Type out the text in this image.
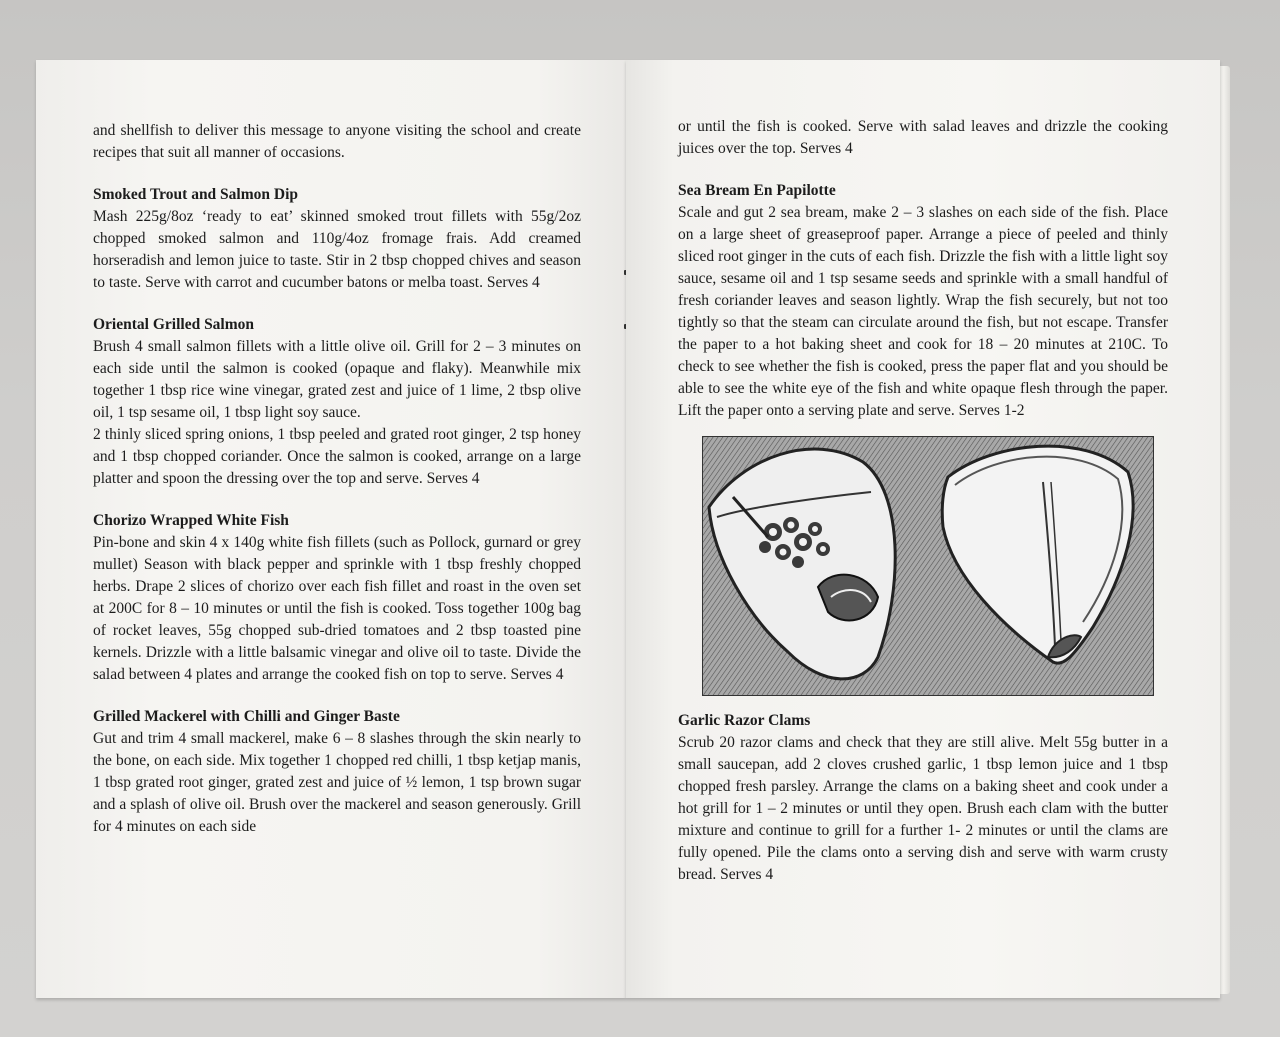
and shellfish to deliver this message to anyone visiting the school and create recipes that suit all manner of occasions.

Smoked Trout and Salmon Dip

Mash 225g/8oz ‘ready to eat’ skinned smoked trout fillets with 55g/2oz chopped smoked salmon and 110g/4oz fromage frais. Add creamed horseradish and lemon juice to taste. Stir in 2 tbsp chopped chives and season to taste. Serve with carrot and cucumber batons or melba toast. Serves 4

Oriental Grilled Salmon

Brush 4 small salmon fillets with a little olive oil. Grill for 2 – 3 minutes on each side until the salmon is cooked (opaque and flaky). Meanwhile mix together 1 tbsp rice wine vinegar, grated zest and juice of 1 lime, 2 tbsp olive oil, 1 tsp sesame oil, 1 tbsp light soy sauce.

2 thinly sliced spring onions, 1 tbsp peeled and grated root ginger, 2 tsp honey and 1 tbsp chopped coriander. Once the salmon is cooked, arrange on a large platter and spoon the dressing over the top and serve. Serves 4

Chorizo Wrapped White Fish

Pin-bone and skin 4 x 140g white fish fillets (such as Pollock, gurnard or grey mullet) Season with black pepper and sprinkle with 1 tbsp freshly chopped herbs. Drape 2 slices of chorizo over each fish fillet and roast in the oven set at 200C for 8 – 10 minutes or until the fish is cooked. Toss together 100g bag of rocket leaves, 55g chopped sub-dried tomatoes and 2 tbsp toasted pine kernels. Drizzle with a little balsamic vinegar and olive oil to taste. Divide the salad between 4 plates and arrange the cooked fish on top to serve. Serves 4

Grilled Mackerel with Chilli and Ginger Baste

Gut and trim 4 small mackerel, make 6 – 8 slashes through the skin nearly to the bone, on each side. Mix together 1 chopped red chilli, 1 tbsp ketjap manis, 1 tbsp grated root ginger, grated zest and juice of ½ lemon, 1 tsp brown sugar and a splash of olive oil. Brush over the mackerel and season generously. Grill for 4 minutes on each side

or until the fish is cooked. Serve with salad leaves and drizzle the cooking juices over the top. Serves 4

Sea Bream En Papilotte

Scale and gut 2 sea bream, make 2 – 3 slashes on each side of the fish. Place on a large sheet of greaseproof paper. Arrange a piece of peeled and thinly sliced root ginger in the cuts of each fish. Drizzle the fish with a little light soy sauce, sesame oil and 1 tsp sesame seeds and sprinkle with a small handful of fresh coriander leaves and season lightly. Wrap the fish securely, but not too tightly so that the steam can circulate around the fish, but not escape. Transfer the paper to a hot baking sheet and cook for 18 – 20 minutes at 210C. To check to see whether the fish is cooked, press the paper flat and you should be able to see the white eye of the fish and white opaque flesh through the paper. Lift the paper onto a serving plate and serve. Serves 1-2

Garlic Razor Clams

Scrub 20 razor clams and check that they are still alive. Melt 55g butter in a small saucepan, add 2 cloves crushed garlic, 1 tbsp lemon juice and 1 tbsp chopped fresh parsley. Arrange the clams on a baking sheet and cook under a hot grill for 1 – 2 minutes or until they open. Brush each clam with the butter mixture and continue to grill for a further 1- 2 minutes or until the clams are fully opened. Pile the clams onto a serving dish and serve with warm crusty bread. Serves 4
